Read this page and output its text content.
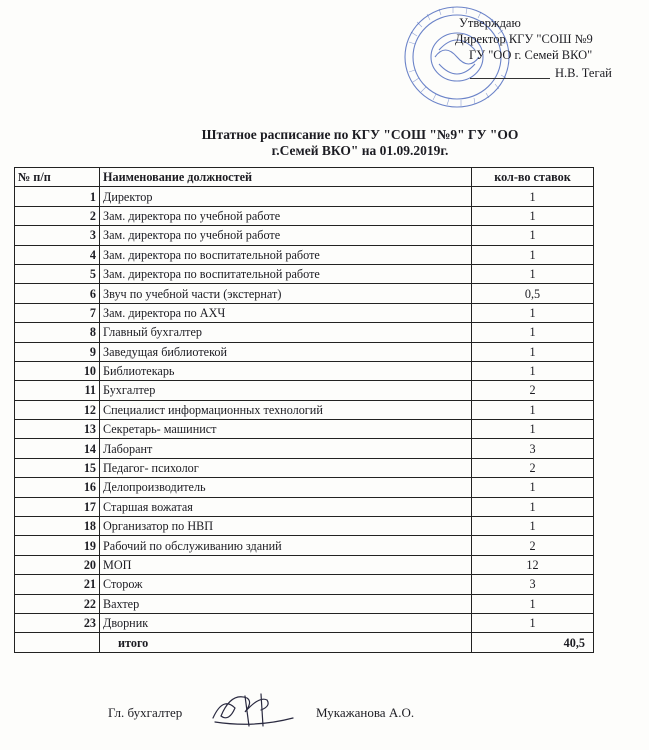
Утверждаю
Директор КГУ "СОШ №9
ГУ "ОО г. Семей ВКО"
Н.В. Тегай
Штатное расписание по КГУ "СОШ "№9" ГУ "ОО
г.Семей ВКО" на 01.09.2019г.
№ п/п	Наименование должностей	кол-во ставок
1	Директор	1
2	Зам. директора по учебной работе	1
3	Зам. директора по учебной работе	1
4	Зам. директора по воспитательной работе	1
5	Зам. директора по воспитательной работе	1
6	Звуч по учебной части (экстернат)	0,5
7	Зам. директора по АХЧ	1
8	Главный бухгалтер	1
9	Заведущая библиотекой	1
10	Библиотекарь	1
11	Бухгалтер	2
12	Специалист информационных технологий	1
13	Секретарь- машинист	1
14	Лаборант	3
15	Педагог- психолог	2
16	Делопроизводитель	1
17	Старшая вожатая	1
18	Организатор по НВП	1
19	Рабочий по обслуживанию зданий	2
20	МОП	12
21	Сторож	3
22	Вахтер	1
23	Дворник	1
	итого	40,5
Гл. бухгалтер	Мукажанова А.О.
